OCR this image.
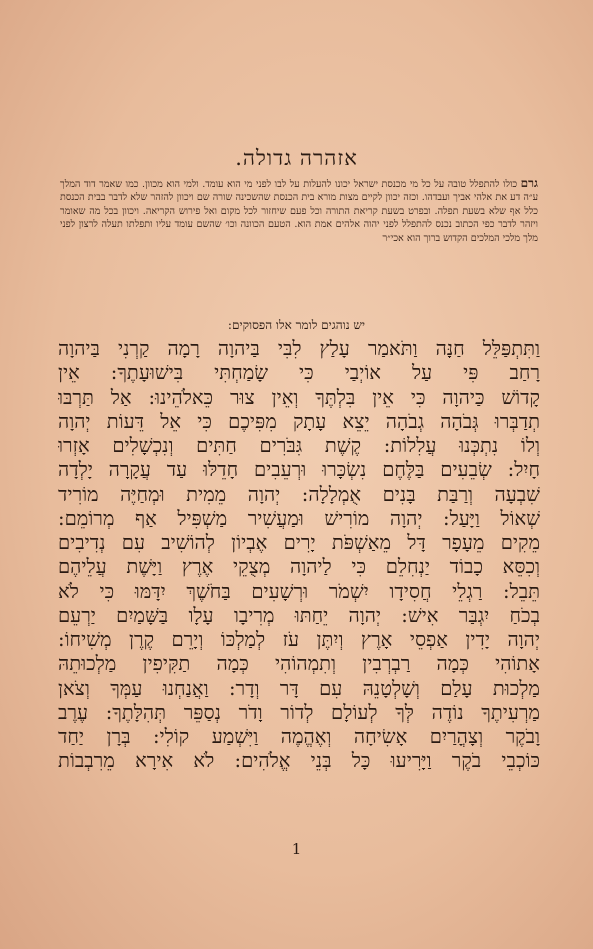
אזהרה גדולה.

גרם כולו להתפלל טובה על כל מי מכנסת ישראל יכונו להעלות על לבו לפני מי הוא עומד. ולמי הוא מכוון. כמו שאמר דוד המלך ע״ה דע את אלהי אביך ועבדהו. וכזה יכוון לקיים מצות מורא בית הכנסת שהשכינה שורה שם ויכוון להזהר שלא לדבר בבית הכנסת כלל אף שלא בשעת תפלה. ובפרט בשעת קריאת התורה וכל פעם שיחזור לכל מקום ואל פירוש הקריאה. ויכוון בכל מה שאומר ויזהר לדבר כפי הכתוב נכנס להתפלל לפני יהוה אלהים אמת הוא. הטעם הכוונה וכו׳ שהשם עומד עליו ותפלתו תעלה לרצון לפני מלך מלכי המלכים הקדוש ברוך הוא אכי״ר

יש נוהגים לומר אלו הפסוקים:
וַתִּתְפַּלֵּל חַנָּה וַתֹּאמַר עָלַץ לִבִּי בַּיהוָה רָמָה קַרְנִי בַּיהוָה
רָחַב פִּי עַל אוֹיְבַי כִּי שָׂמַחְתִּי בִּישׁוּעָתֶךָ: אֵין
קָדוֹשׁ כַּיהוָה כִּי אֵין בִּלְתֶּךָ וְאֵין צוּר כֵּאלֹהֵינוּ: אַל תַּרְבּוּ
תְדַבְּרוּ גְּבֹהָה גְבֹהָה יֵצֵא עָתָק מִפִּיכֶם כִּי אֵל דֵּעוֹת יְהוָה
וְלוֹ נִתְכְּנוּ עֲלִלוֹת: קֶשֶׁת גִּבֹּרִים חַתִּים וְנִכְשָׁלִים אָזְרוּ
חָיִל: שְׂבֵעִים בַּלֶּחֶם נִשְׂכָּרוּ וּרְעֵבִים חָדֵלּוּ עַד עֲקָרָה יָלְדָה
שִׁבְעָה וְרַבַּת בָּנִים אֻמְלָלָה: יְהוָה מֵמִית וּמְחַיֶּה מוֹרִיד
שְׁאוֹל וַיָּעַל: יְהוָה מוֹרִישׁ וּמַעֲשִׁיר מַשְׁפִּיל אַף מְרוֹמֵם:
מֵקִים מֵעָפָר דָּל מֵאַשְׁפֹּת יָרִים אֶבְיוֹן לְהוֹשִׁיב עִם נְדִיבִים
וְכִסֵּא כָבוֹד יַנְחִלֵם כִּי לַיהוָה מְצֻקֵי אֶרֶץ וַיָּשֶׁת עֲלֵיהֶם
תֵּבֵל: רַגְלֵי חֲסִידָו יִשְׁמֹר וּרְשָׁעִים בַּחֹשֶׁךְ יִדָּמּוּ כִּי לֹא
בְכֹחַ יִגְבַּר אִישׁ: יְהוָה יֵחַתּוּ מְרִיבָו עָלָו בַּשָּׁמַיִם יַרְעֵם
יְהוָה יָדִין אַפְסֵי אָרֶץ וְיִתֶּן עֹז לְמַלְכּוֹ וְיָרֵם קֶרֶן מְשִׁיחוֹ:
אָתוֹהִי כְּמָה רַבְרְבִין וְתִמְהוֹהִי כְּמָה תַקִּיפִין מַלְכוּתֵהּ
מַלְכוּת עָלַם וְשָׁלְטָנֵהּ עִם דָּר וְדָר: וַאֲנַחְנוּ עַמְּךָ וְצֹאן
מַרְעִיתֶךָ נוֹדֶה לְּךָ לְעוֹלָם לְדוֹר וָדֹר נְסַפֵּר תְּהִלָּתֶךָ: עֶרֶב
וָבֹקֶר וְצָהֳרַיִם אָשִׂיחָה וְאֶהֱמֶה וַיִּשְׁמַע קוֹלִי: בְּרָן יַחַד
כּוֹכְבֵי בֹקֶר וַיָּרִיעוּ כָּל בְּנֵי אֱלֹהִים: לֹא אִירָא מֵרִבְבוֹת
1
